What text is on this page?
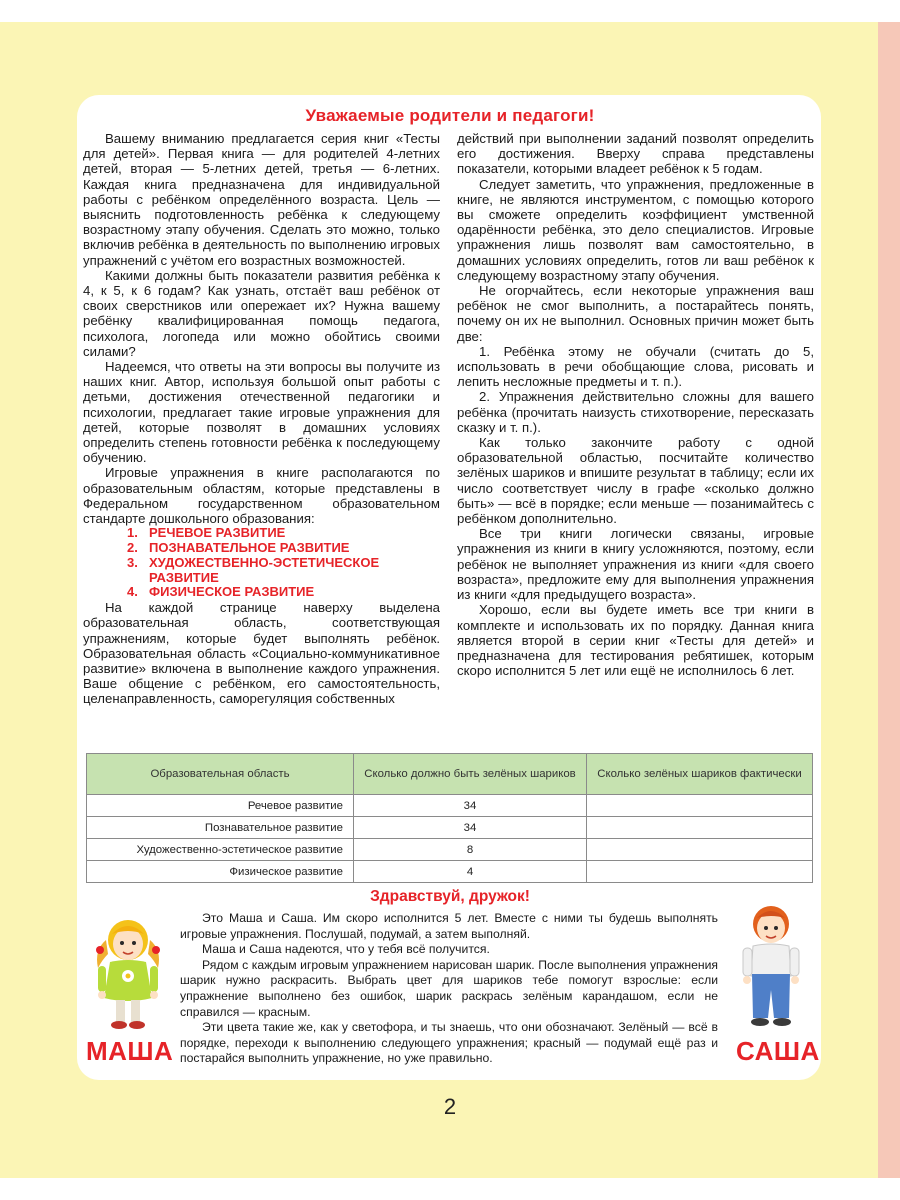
Уважаемые родители и педагоги!

Вашему вниманию предлагается серия книг «Тесты для детей». Первая книга — для родителей 4-летних детей, вторая — 5-летних детей, третья — 6-летних. Каждая книга предназначена для индивидуальной работы с ребёнком определённого возраста. Цель — выяснить подготовленность ребёнка к следующему возрастному этапу обучения. Сделать это можно, только включив ребёнка в деятельность по выполнению игровых упражнений с учётом его возрастных возможностей.

Какими должны быть показатели развития ребёнка к 4, к 5, к 6 годам? Как узнать, отстаёт ваш ребёнок от своих сверстников или опережает их? Нужна вашему ребёнку квалифицированная помощь педагога, психолога, логопеда или можно обойтись своими силами?

Надеемся, что ответы на эти вопросы вы получите из наших книг. Автор, используя большой опыт работы с детьми, достижения отечественной педагогики и психологии, предлагает такие игровые упражнения для детей, которые позволят в домашних условиях определить степень готовности ребёнка к последующему обучению.

Игровые упражнения в книге располагаются по образовательным областям, которые представлены в Федеральном государственном образовательном стандарте дошкольного образования:

1. РЕЧЕВОЕ РАЗВИТИЕ
2. ПОЗНАВАТЕЛЬНОЕ РАЗВИТИЕ
3. ХУДОЖЕСТВЕННО-ЭСТЕТИЧЕСКОЕ РАЗВИТИЕ
4. ФИЗИЧЕСКОЕ РАЗВИТИЕ

На каждой странице наверху выделена образовательная область, соответствующая упражнениям, которые будет выполнять ребёнок. Образовательная область «Социально-коммуникативное развитие» включена в выполнение каждого упражнения. Ваше общение с ребёнком, его самостоятельность, целенаправленность, саморегуляция собственных

действий при выполнении заданий позволят определить его достижения. Вверху справа представлены показатели, которыми владеет ребёнок к 5 годам.

Следует заметить, что упражнения, предложенные в книге, не являются инструментом, с помощью которого вы сможете определить коэффициент умственной одарённости ребёнка, это дело специалистов. Игровые упражнения лишь позволят вам самостоятельно, в домашних условиях определить, готов ли ваш ребёнок к следующему возрастному этапу обучения.

Не огорчайтесь, если некоторые упражнения ваш ребёнок не смог выполнить, а постарайтесь понять, почему он их не выполнил. Основных причин может быть две:

1. Ребёнка этому не обучали (считать до 5, использовать в речи обобщающие слова, рисовать и лепить несложные предметы и т. п.).

2. Упражнения действительно сложны для вашего ребёнка (прочитать наизусть стихотворение, пересказать сказку и т. п.).

Как только закончите работу с одной образовательной областью, посчитайте количество зелёных шариков и впишите результат в таблицу; если их число соответствует числу в графе «сколько должно быть» — всё в порядке; если меньше — позанимайтесь с ребёнком дополнительно.

Все три книги логически связаны, игровые упражнения из книги в книгу усложняются, поэтому, если ребёнок не выполняет упражнения из книги «для своего возраста», предложите ему для выполнения упражнения из книги «для предыдущего возраста».

Хорошо, если вы будете иметь все три книги в комплекте и использовать их по порядку. Данная книга является второй в серии книг «Тесты для детей» и предназначена для тестирования ребятишек, которым скоро исполнится 5 лет или ещё не исполнилось 6 лет.

Образовательная область	Сколько должно быть зелёных шариков	Сколько зелёных шариков фактически
Речевое развитие	34	
Познавательное развитие	34	
Художественно-эстетическое развитие	8	
Физическое развитие	4	
Здравствуй, дружок!

Это Маша и Саша. Им скоро исполнится 5 лет. Вместе с ними ты будешь выполнять игровые упражнения. Послушай, подумай, а затем выполняй.

Маша и Саша надеются, что у тебя всё получится.

Рядом с каждым игровым упражнением нарисован шарик. После выполнения упражнения шарик нужно раскрасить. Выбрать цвет для шариков тебе помогут взрослые: если упражнение выполнено без ошибок, шарик раскрась зелёным карандашом, если не справился — красным.

Эти цвета такие же, как у светофора, и ты знаешь, что они обозначают. Зелёный — всё в порядке, переходи к выполнению следующего упражнения; красный — подумай ещё раз и постарайся выполнить упражнение, но уже правильно.

МАША	САША
2
